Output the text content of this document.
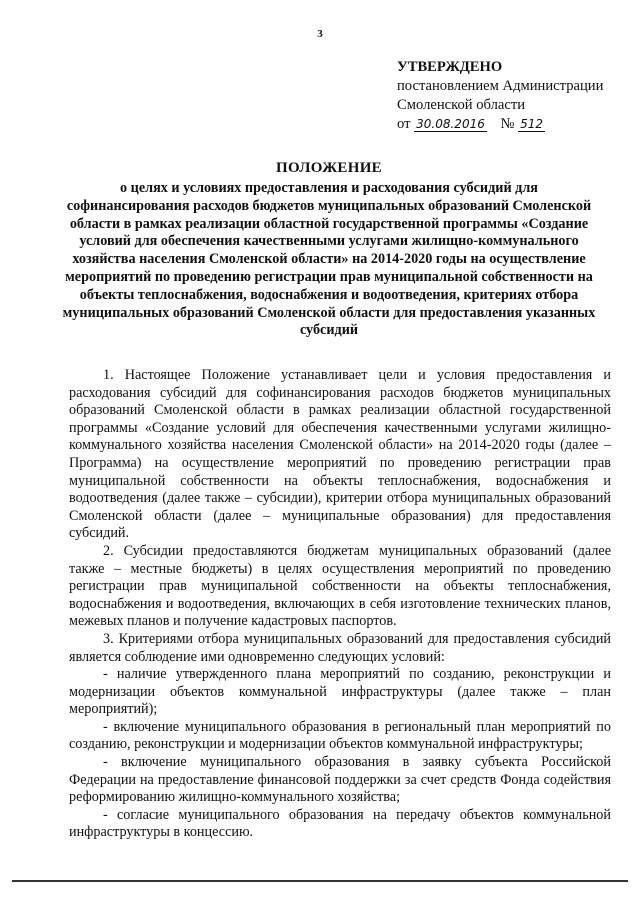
3
УТВЕРЖДЕНО
постановлением Администрации
Смоленской области
от 30.08.2016 № 512
ПОЛОЖЕНИЕ
о целях и условиях предоставления и расходования субсидий для софинансирования расходов бюджетов муниципальных образований Смоленской области в рамках реализации областной государственной программы «Создание условий для обеспечения качественными услугами жилищно-коммунального хозяйства населения Смоленской области» на 2014-2020 годы на осуществление мероприятий по проведению регистрации прав муниципальной собственности на объекты теплоснабжения, водоснабжения и водоотведения, критериях отбора муниципальных образований Смоленской области для предоставления указанных субсидий

1. Настоящее Положение устанавливает цели и условия предоставления и расходования субсидий для софинансирования расходов бюджетов муниципальных образований Смоленской области в рамках реализации областной государственной программы «Создание условий для обеспечения качественными услугами жилищно-коммунального хозяйства населения Смоленской области» на 2014-2020 годы (далее – Программа) на осуществление мероприятий по проведению регистрации прав муниципальной собственности на объекты теплоснабжения, водоснабжения и водоотведения (далее также – субсидии), критерии отбора муниципальных образований Смоленской области (далее – муниципальные образования) для предоставления субсидий.

2. Субсидии предоставляются бюджетам муниципальных образований (далее также – местные бюджеты) в целях осуществления мероприятий по проведению регистрации прав муниципальной собственности на объекты теплоснабжения, водоснабжения и водоотведения, включающих в себя изготовление технических планов, межевых планов и получение кадастровых паспортов.

3. Критериями отбора муниципальных образований для предоставления субсидий является соблюдение ими одновременно следующих условий:

- наличие утвержденного плана мероприятий по созданию, реконструкции и модернизации объектов коммунальной инфраструктуры (далее также – план мероприятий);

- включение муниципального образования в региональный план мероприятий по созданию, реконструкции и модернизации объектов коммунальной инфраструктуры;

- включение муниципального образования в заявку субъекта Российской Федерации на предоставление финансовой поддержки за счет средств Фонда содействия реформированию жилищно-коммунального хозяйства;

- согласие муниципального образования на передачу объектов коммунальной инфраструктуры в концессию.
